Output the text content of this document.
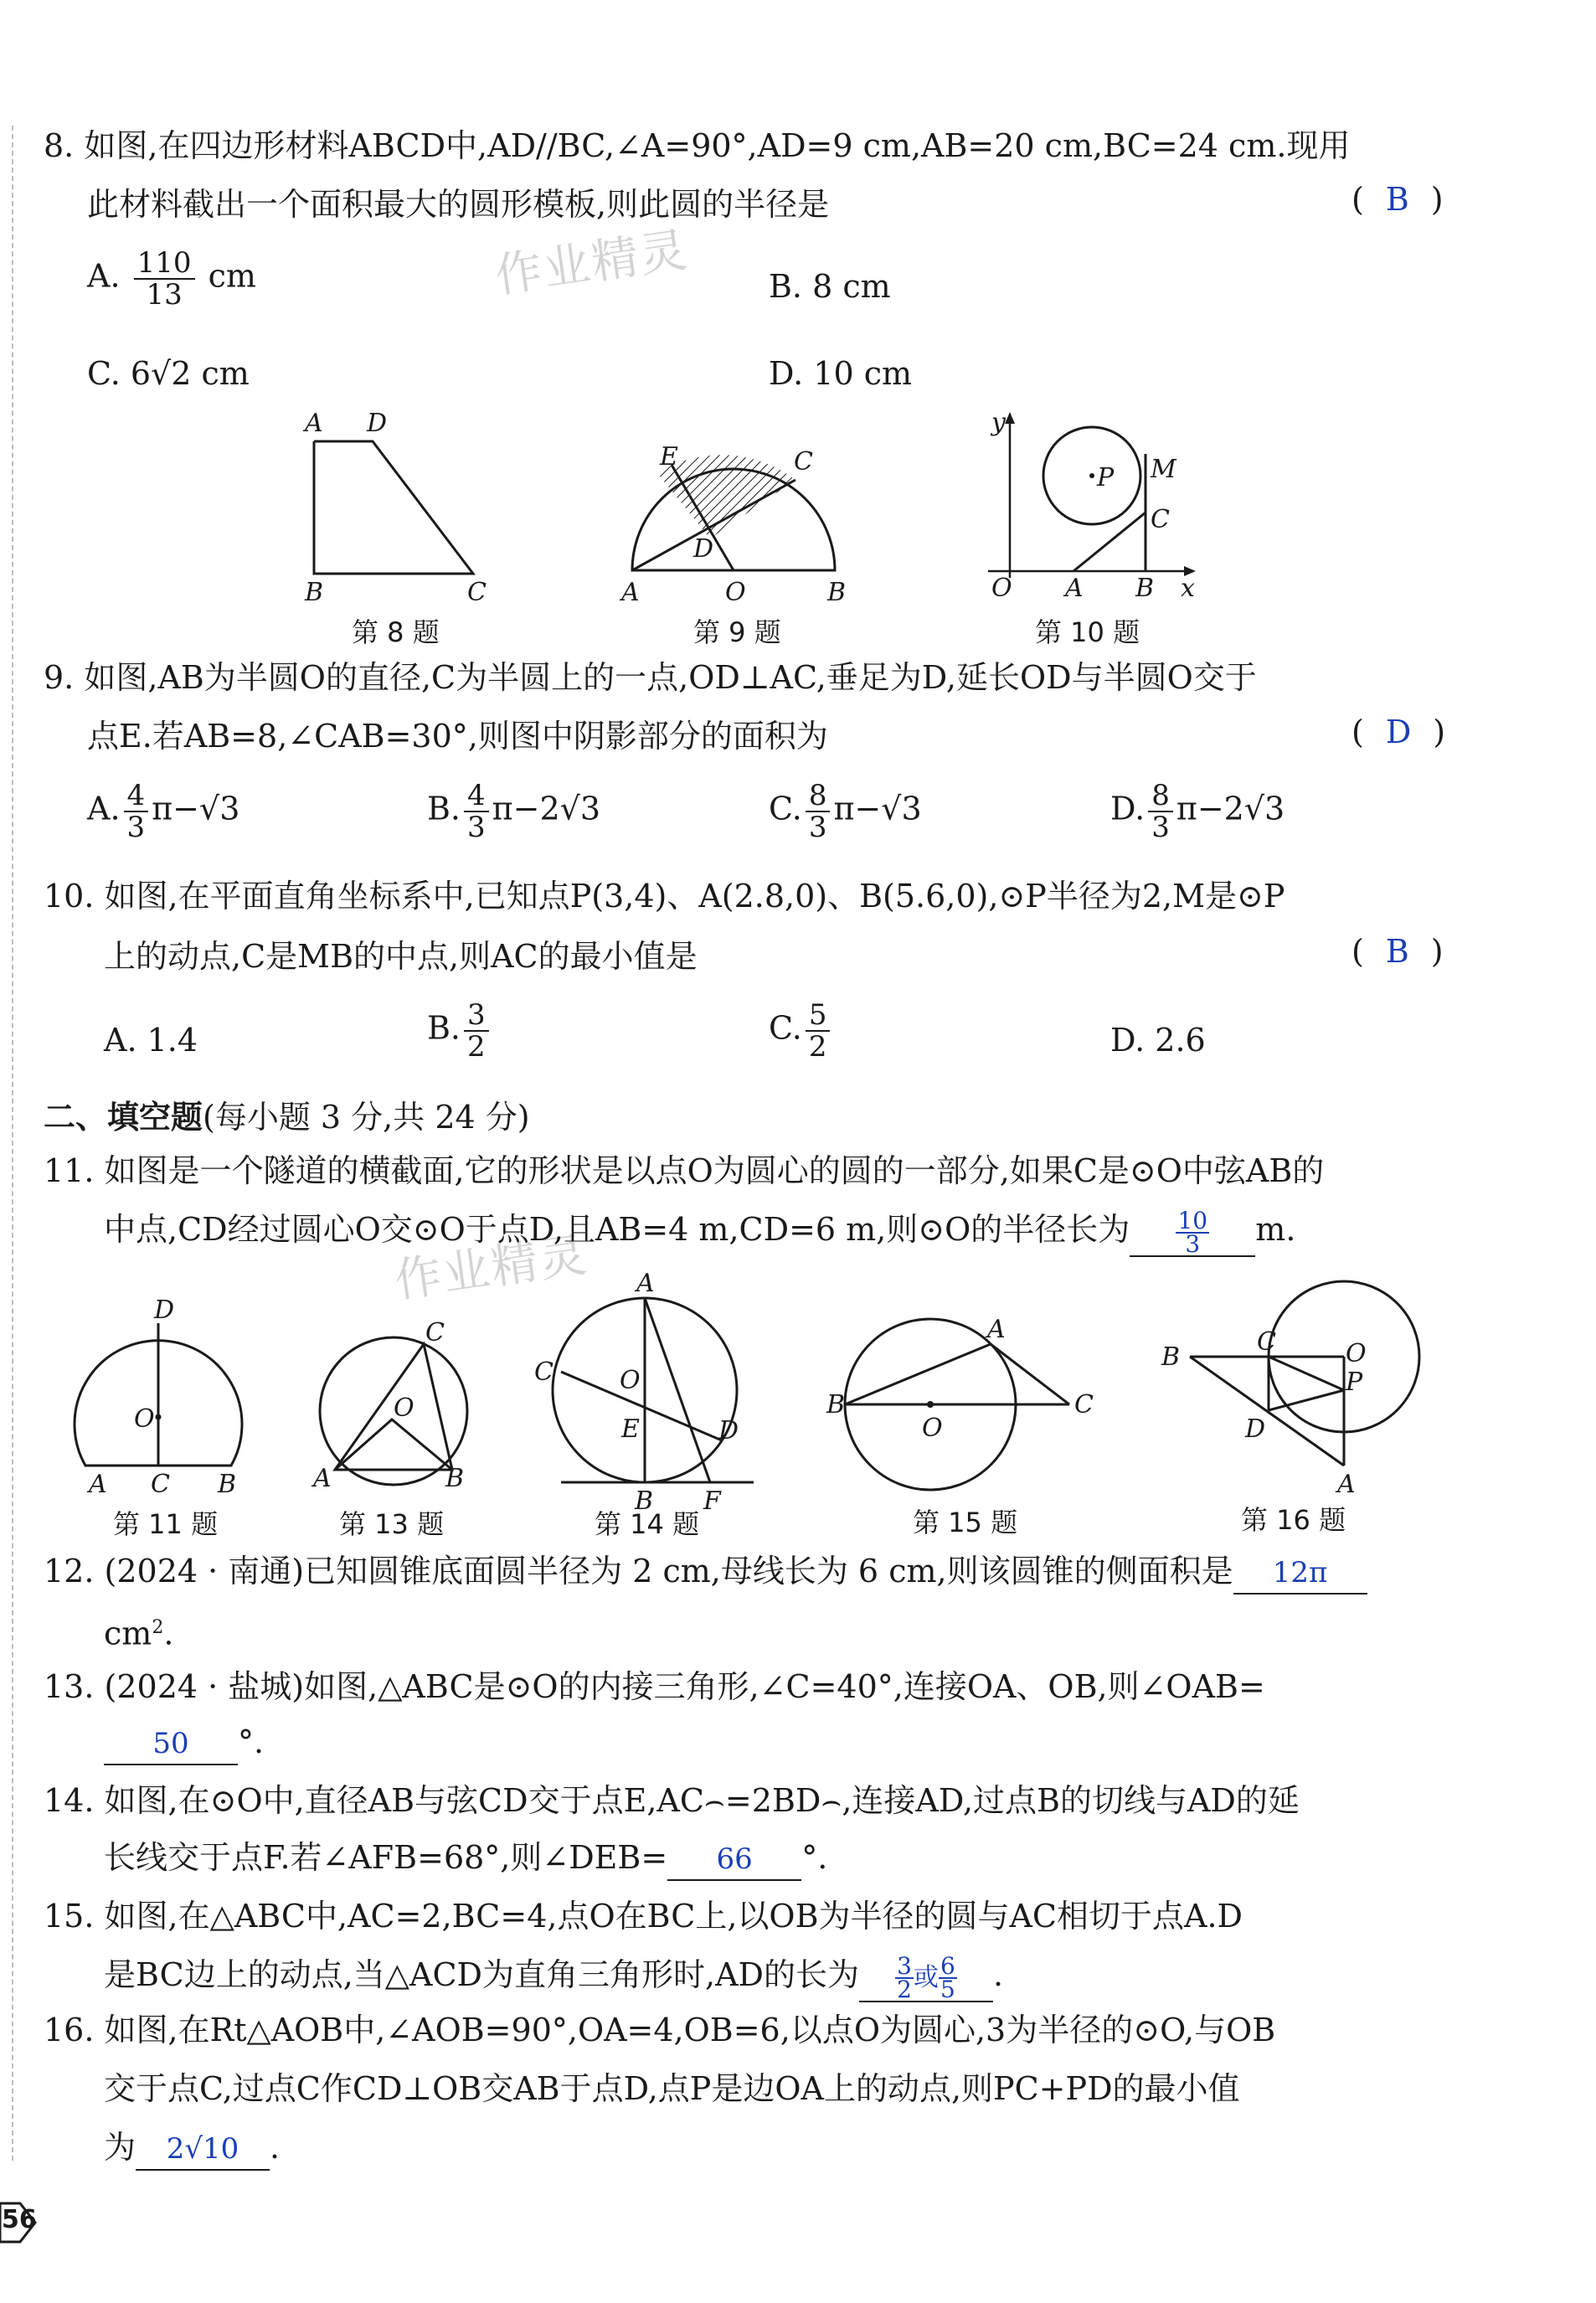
作业精灵
作业精灵
8. 如图,在四边形材料ABCD中,AD//BC,∠A=90°,AD=9 cm,AB=20 cm,BC=24 cm.现用
此材料截出一个面积最大的圆形模板,则此圆的半径是	( B )
A. $\frac{110}{13}$ cm	B. 8 cm
C. 6√2 cm	D. 10 cm
A D
B	C
第 8 题
E	C
D
A	O	B
第 9 题
y
P M
C
O A B x
第 10 题
9. 如图,AB为半圆O的直径,C为半圆上的一点,OD⊥AC,垂足为D,延长OD与半圆O交于
点E.若AB=8,∠CAB=30°,则图中阴影部分的面积为	( D )
A. $\frac{4}{3} \pi-√3$	B. $\frac{4}{3} \pi-2√3$	C. $\frac{8}{3} \pi-√3$	D. $\frac{8}{3} \pi-2√3$
10. 如图,在平面直角坐标系中,已知点P(3,4)、A(2.8,0)、B(5.6,0),⊙P半径为2,M是⊙P
上的动点,C是MB的中点,则AC的最小值是	( B )
A. 1.4	B. $\frac{3}{2}$	C. $\frac{5}{2}$	D. 2.6
二、填空题(每小题 3 分,共 24 分)
11. 如图是一个隧道的横截面,它的形状是以点O为圆心的圆的一部分,如果C是⊙O中弦AB的
中点,CD经过圆心O交⊙O于点D,且AB=4 m,CD=6 m,则⊙O的半径长为 $\frac{10}{3} m$.
D
O
A C B
第 11 题
C
O
A	B
第 13 题
A
C	O
E	D
B F
第 14 题
A
B
O
C
第 15 题
B
C	O
P
D
A
第 16 题
12. (2024 · 南通)已知圆锥底面圆半径为 2 cm,母线长为 6 cm,则该圆锥的侧面积是 12π
$cm^2$.
13. (2024 · 盐城)如图,△ABC是⊙O的内接三角形,∠C=40°,连接OA、OB,则∠OAB=
50 °.
14. 如图,在⊙O中,直径AB与弦CD交于点E,AC⌢=2BD⌢,连接AD,过点B的切线与AD的延
长线交于点F.若∠AFB=68°,则∠DEB= 66 °.
15. 如图,在△ABC中,AC=2,BC=4,点O在BC上,以OB为半径的圆与AC相切于点A.D
是BC边上的动点,当△ACD为直角三角形时,AD的长为 $\frac{3}{2}$ 或 $\frac{6}{5}$ .
16. 如图,在Rt△AOB中,∠AOB=90°,OA=4,OB=6,以点O为圆心,3为半径的⊙O,与OB
交于点C,过点C作CD⊥OB交AB于点D,点P是边OA上的动点,则PC+PD的最小值
为 2√10 .
56
